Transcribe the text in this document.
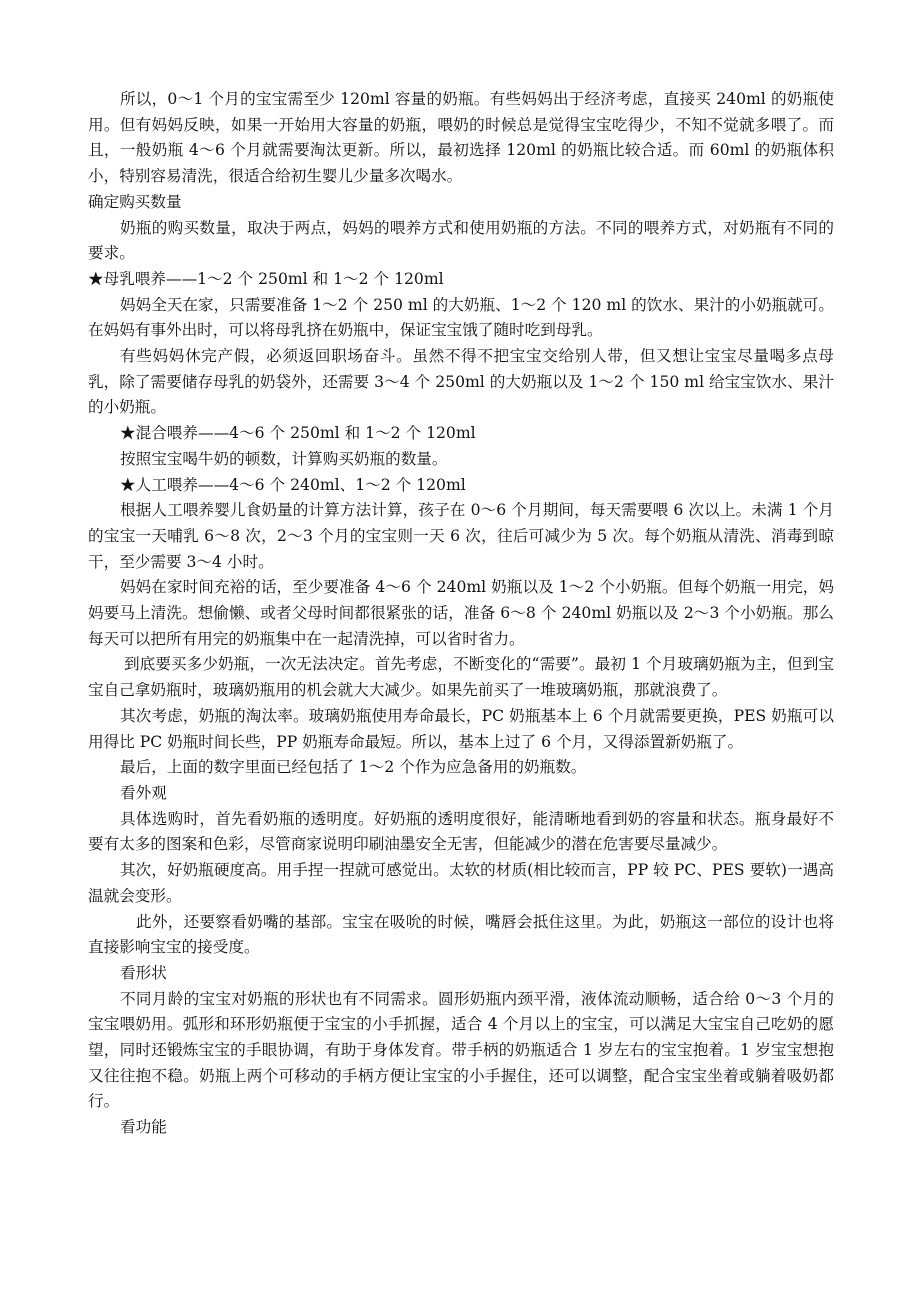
所以，0～1 个月的宝宝需至少 120ml 容量的奶瓶。有些妈妈出于经济考虑，直接买 240ml 的奶瓶使用。但有妈妈反映，如果一开始用大容量的奶瓶，喂奶的时候总是觉得宝宝吃得少，不知不觉就多喂了。而且，一般奶瓶 4～6 个月就需要淘汰更新。所以，最初选择 120ml 的奶瓶比较合适。而 60ml 的奶瓶体积小，特别容易清洗，很适合给初生婴儿少量多次喝水。

确定购买数量

奶瓶的购买数量，取决于两点，妈妈的喂养方式和使用奶瓶的方法。不同的喂养方式，对奶瓶有不同的要求。

★母乳喂养——1～2 个 250ml 和 1～2 个 120ml

妈妈全天在家，只需要准备 1～2 个 250 ml 的大奶瓶、1～2 个 120 ml 的饮水、果汁的小奶瓶就可。在妈妈有事外出时，可以将母乳挤在奶瓶中，保证宝宝饿了随时吃到母乳。

有些妈妈休完产假，必须返回职场奋斗。虽然不得不把宝宝交给别人带，但又想让宝宝尽量喝多点母乳，除了需要储存母乳的奶袋外，还需要 3～4 个 250ml 的大奶瓶以及 1～2 个 150 ml 给宝宝饮水、果汁的小奶瓶。

★混合喂养——4～6 个 250ml 和 1～2 个 120ml

按照宝宝喝牛奶的顿数，计算购买奶瓶的数量。

★人工喂养——4～6 个 240ml、1～2 个 120ml

根据人工喂养婴儿食奶量的计算方法计算，孩子在 0～6 个月期间，每天需要喂 6 次以上。未满 1 个月的宝宝一天哺乳 6～8 次，2～3 个月的宝宝则一天 6 次，往后可减少为 5 次。每个奶瓶从清洗、消毒到晾干，至少需要 3～4 小时。

妈妈在家时间充裕的话，至少要准备 4～6 个 240ml 奶瓶以及 1～2 个小奶瓶。但每个奶瓶一用完，妈妈要马上清洗。想偷懒、或者父母时间都很紧张的话，准备 6～8 个 240ml 奶瓶以及 2～3 个小奶瓶。那么每天可以把所有用完的奶瓶集中在一起清洗掉，可以省时省力。

到底要买多少奶瓶，一次无法决定。首先考虑，不断变化的“需要”。最初 1 个月玻璃奶瓶为主，但到宝宝自己拿奶瓶时，玻璃奶瓶用的机会就大大减少。如果先前买了一堆玻璃奶瓶，那就浪费了。

其次考虑，奶瓶的淘汰率。玻璃奶瓶使用寿命最长，PC 奶瓶基本上 6 个月就需要更换，PES 奶瓶可以用得比 PC 奶瓶时间长些，PP 奶瓶寿命最短。所以，基本上过了 6 个月，又得添置新奶瓶了。

最后，上面的数字里面已经包括了 1～2 个作为应急备用的奶瓶数。

看外观

具体选购时，首先看奶瓶的透明度。好奶瓶的透明度很好，能清晰地看到奶的容量和状态。瓶身最好不要有太多的图案和色彩，尽管商家说明印刷油墨安全无害，但能减少的潜在危害要尽量减少。

其次，好奶瓶硬度高。用手捏一捏就可感觉出。太软的材质(相比较而言，PP 较 PC、PES 要软)一遇高温就会变形。

此外，还要察看奶嘴的基部。宝宝在吸吮的时候，嘴唇会抵住这里。为此，奶瓶这一部位的设计也将直接影响宝宝的接受度。

看形状

不同月龄的宝宝对奶瓶的形状也有不同需求。圆形奶瓶内颈平滑，液体流动顺畅，适合给 0～3 个月的宝宝喂奶用。弧形和环形奶瓶便于宝宝的小手抓握，适合 4 个月以上的宝宝，可以满足大宝宝自己吃奶的愿望，同时还锻炼宝宝的手眼协调，有助于身体发育。带手柄的奶瓶适合 1 岁左右的宝宝抱着。1 岁宝宝想抱又往往抱不稳。奶瓶上两个可移动的手柄方便让宝宝的小手握住，还可以调整，配合宝宝坐着或躺着吸奶都行。

看功能
